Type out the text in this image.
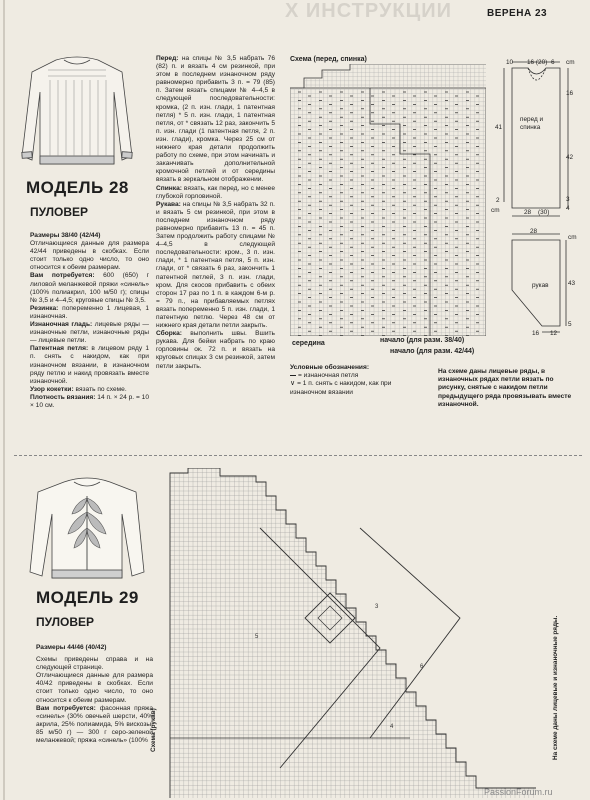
Х ИНСТРУКЦИИ	ВЕРЕНА 23
МОДЕЛЬ 28
ПУЛОВЕР

Размеры 38/40 (42/44)

Отличающиеся данные для размера 42/44 приведены в скобках. Если стоит только одно число, то оно относится к обеим размерам.

Вам потребуется: 600 (650) г лиловой меланжевой пряжи «синель» (100% полиакрил, 100 м/50 г); спицы № 3,5 и 4–4,5; круговые спицы № 3,5.

Резинка: попеременно 1 лицевая, 1 изнаночная.

Изнаночная гладь: лицевые ряды — изнаночные петли, изнаночные ряды — лицевые петли.

Патентная петля: в лицевом ряду 1 п. снять с накидом, как при изнаночном вязании, в изнаночном ряду петлю и накид провязать вместе изнаночной.

Узор кокетки: вязать по схеме.

Плотность вязания: 14 п. × 24 р. = 10 × 10 см.

Перед: на спицы № 3,5 набрать 76 (82) п. и вязать 4 см резинкой, при этом в последнем изнаночном ряду равномерно прибавить 3 п. = 79 (85) п. Затем вязать спицами № 4–4,5 в следующей последовательности: кромка, (2 п. изн. глади, 1 патентная петля) * 5 п. изн. глади, 1 патентная петля, от * связать 12 раз, закончить 5 п. изн. глади (1 патентная петля, 2 п. изн. глади), кромка. Через 25 см от нижнего края детали продолжить работу по схеме, при этом начинать и заканчивать дополнительной кромочной петлей и от середины вязать в зеркальном отображении.

Спинка: вязать, как перед, но с менее глубокой горловиной.

Рукава: на спицы № 3,5 набрать 32 п. и вязать 5 см резинкой, при этом в последнем изнаночном ряду равномерно прибавить 13 п. = 45 п. Затем продолжить работу спицами № 4–4,5 в следующей последовательности: кром., 3 п. изн. глади, * 1 патентная петля, 5 п. изн. глади, от * связать 6 раз, закончить 1 патентной петлей, 3 п. изн. глади, кром. Для скосов прибавить с обеих сторон 17 раз по 1 п. в каждом 6-м р. = 79 п., на прибавляемых петлях вязать попеременно 5 п. изн. глади, 1 патентную петлю. Через 48 см от нижнего края детали петли закрыть.

Сборка: выполнить швы. Вшить рукава. Для бейки набрать по краю горловины ок. 72 п. и вязать на круговых спицах 3 см резинкой, затем петли закрыть.

Схема (перед, спинка)
середина	начало (для разм. 38/40)
начало (для разм. 42/44)
10 16 (20) 6 cm
16
42
3
4
41
2
cm	28 (30)
перед и спинка
28
cm
43
5
12
16
рукав
Условные обозначения:
= изнаночная петля
∨ = 1 п. снять с накидом, как при изнаночном вязании
На схеме даны лицевые ряды, в изнаночных рядах петли вязать по рисунку, снятые с накидом петли предыдущего ряда провязывать вместе изнаночной.
МОДЕЛЬ 29
ПУЛОВЕР

Размеры 44/46 (40/42)

Схемы приведены справа и на следующей странице.

Отличающиеся данные для размера 40/42 приведены в скобках. Если стоит только одно число, то оно относится к обеим размерам.

Вам потребуется: фасонная пряжа «синель» (30% овечьей шерсти, 40% акрила, 25% полиамида, 5% вискозы; 85 м/50 г) — 300 г серо-зеленой меланжевой; пряжа «синель» (100%

5
3
4
6
Схема (рукав)	На схеме даны лицевые и изнаночные ряды.
PassionForum.ru
